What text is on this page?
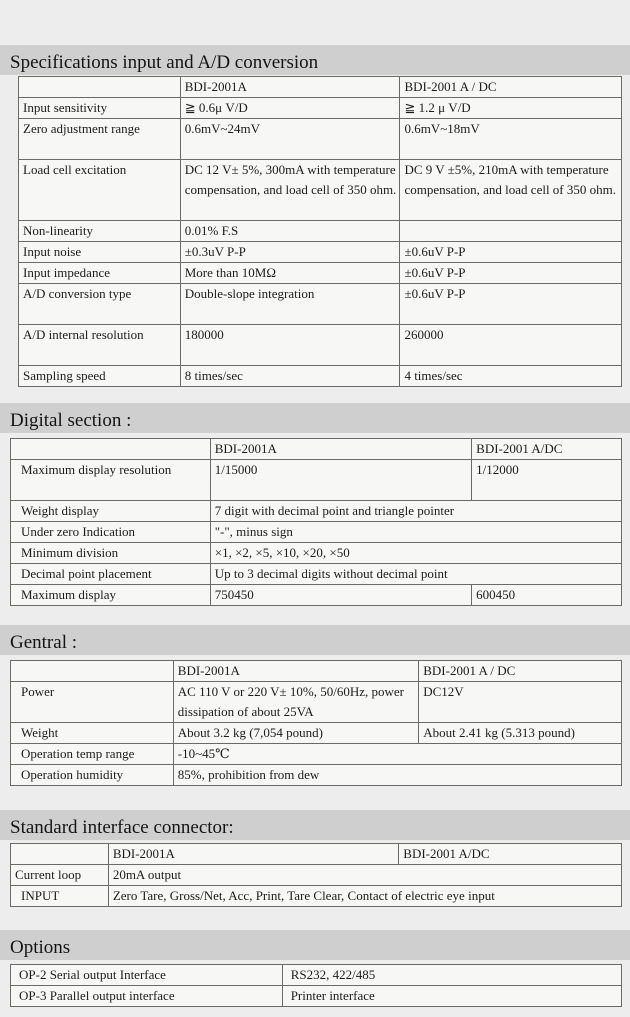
Specifications input and A/D conversion
	BDI-2001A	BDI-2001 A / DC
Input sensitivity	≧ 0.6μ V/D	≧ 1.2 μ V/D
Zero adjustment range	0.6mV~24mV	0.6mV~18mV
Load cell excitation	DC 12 V± 5%, 300mA with temperature compensation, and load cell of 350 ohm.	DC 9 V ±5%, 210mA with temperature compensation, and load cell of 350 ohm.
Non-linearity	0.01% F.S	
Input noise	±0.3uV P-P	±0.6uV P-P
Input impedance	More than 10MΩ	±0.6uV P-P
A/D conversion type	Double-slope integration	±0.6uV P-P
A/D internal resolution	180000	260000
Sampling speed	8 times/sec	4 times/sec
Digital section :
	BDI-2001A	BDI-2001 A/DC
Maximum display resolution	1/15000	1/12000
Weight display	7 digit with decimal point and triangle pointer	
Under zero Indication	"-", minus sign	
Minimum division	×1, ×2, ×5, ×10, ×20, ×50	
Decimal point placement	Up to 3 decimal digits without decimal point	
Maximum display	750450	600450
Gentral :
	BDI-2001A	BDI-2001 A / DC
Power	AC 110 V or 220 V± 10%, 50/60Hz, power dissipation of about 25VA	DC12V
Weight	About 3.2 kg (7,054 pound)	About 2.41 kg (5.313 pound)
Operation temp range	-10~45℃	
Operation humidity	85%, prohibition from dew	
Standard interface connector:
	BDI-2001A	BDI-2001 A/DC
Current loop	20mA output	
INPUT	Zero Tare, Gross/Net, Acc, Print, Tare Clear, Contact of electric eye input	
Options
OP-2 Serial output Interface	RS232, 422/485
OP-3 Parallel output interface	Printer interface
